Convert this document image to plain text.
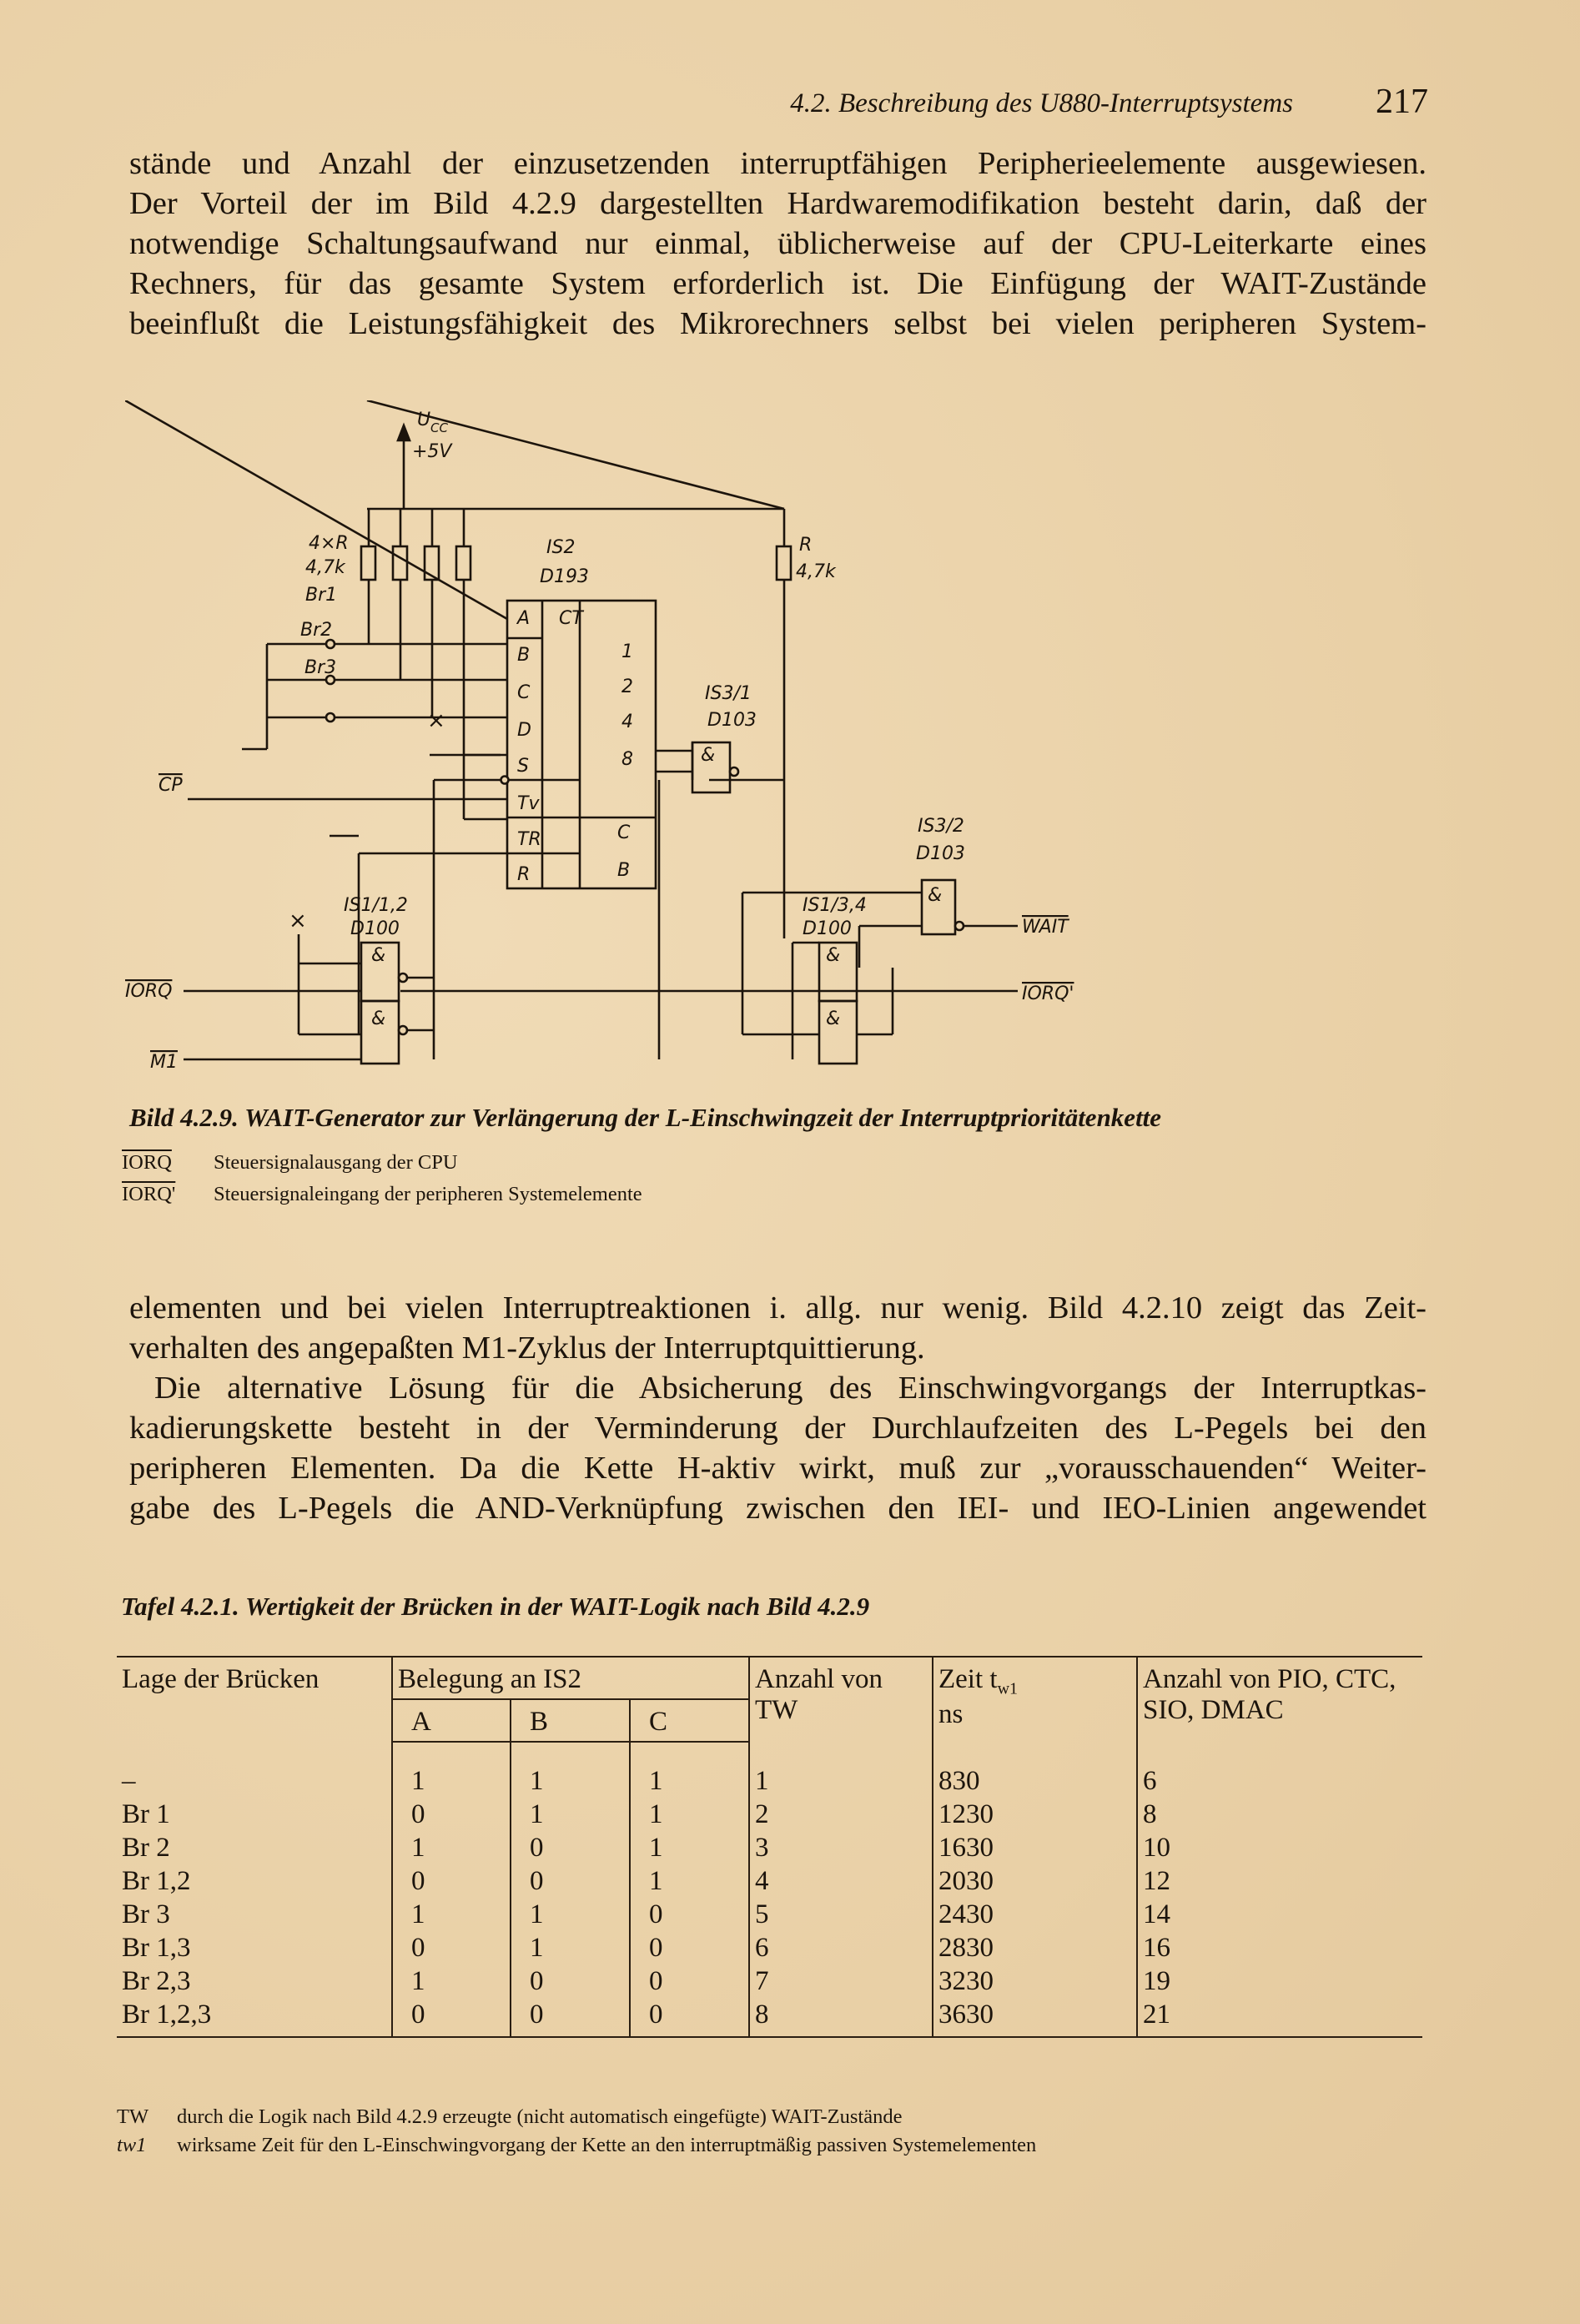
4.2. Beschreibung des U880-Interruptsystems 217
stände und Anzahl der einzusetzenden interruptfähigen Peripherieelemente ausgewiesen.
Der Vorteil der im Bild 4.2.9 dargestellten Hardwaremodifikation besteht darin, daß der
notwendige Schaltungsaufwand nur einmal, üblicherweise auf der CPU-Leiterkarte eines
Rechners, für das gesamte System erforderlich ist. Die Einfügung der WAIT-Zustände
beeinflußt die Leistungsfähigkeit des Mikrorechners selbst bei vielen peripheren System-
U CC
+5V
4×R
4,7k
Br1
Br2
Br3
IS2
D193
R
4,7k
CT
A
B
C
D
S
Tv
TR
R
1
2
4
8
C
B
IS3/1
D103
&
IS3/2
D103
&
IS1/1,2
D100
&
&
IS1/3,4
D100
&
&
CP
IORQ
M1
WAIT
IORQ'
×
×
Bild 4.2.9. WAIT-Generator zur Verlängerung der L-Einschwingzeit der Interruptprioritätenkette
IORQ Steuersignalausgang der CPU
IORQ' Steuersignaleingang der peripheren Systemelemente
elementen und bei vielen Interruptreaktionen i. allg. nur wenig. Bild 4.2.10 zeigt das Zeit-
verhalten des angepaßten M1-Zyklus der Interruptquittierung.
Die alternative Lösung für die Absicherung des Einschwingvorgangs der Interruptkas-
kadierungskette besteht in der Verminderung der Durchlaufzeiten des L-Pegels bei den
peripheren Elementen. Da die Kette H-aktiv wirkt, muß zur „vorausschauenden“ Weiter-
gabe des L-Pegels die AND-Verknüpfung zwischen den IEI- und IEO-Linien angewendet
Tafel 4.2.1. Wertigkeit der Brücken in der WAIT-Logik nach Bild 4.2.9
Lage der Brücken	Belegung an IS2			Anzahl von TW	Zeit $t_{w1}$
ns	Anzahl von PIO, CTC, SIO, DMAC
	A	B	C			
–	1	1	1	1	830	6
Br 1	0	1	1	2	1230	8
Br 2	1	0	1	3	1630	10
Br 1,2	0	0	1	4	2030	12
Br 3	1	1	0	5	2430	14
Br 1,3	0	1	0	6	2830	16
Br 2,3	1	0	0	7	3230	19
Br 1,2,3	0	0	0	8	3630	21
TW durch die Logik nach Bild 4.2.9 erzeugte (nicht automatisch eingefügte) WAIT-Zustände
tw1 wirksame Zeit für den L-Einschwingvorgang der Kette an den interruptmäßig passiven Systemelementen
